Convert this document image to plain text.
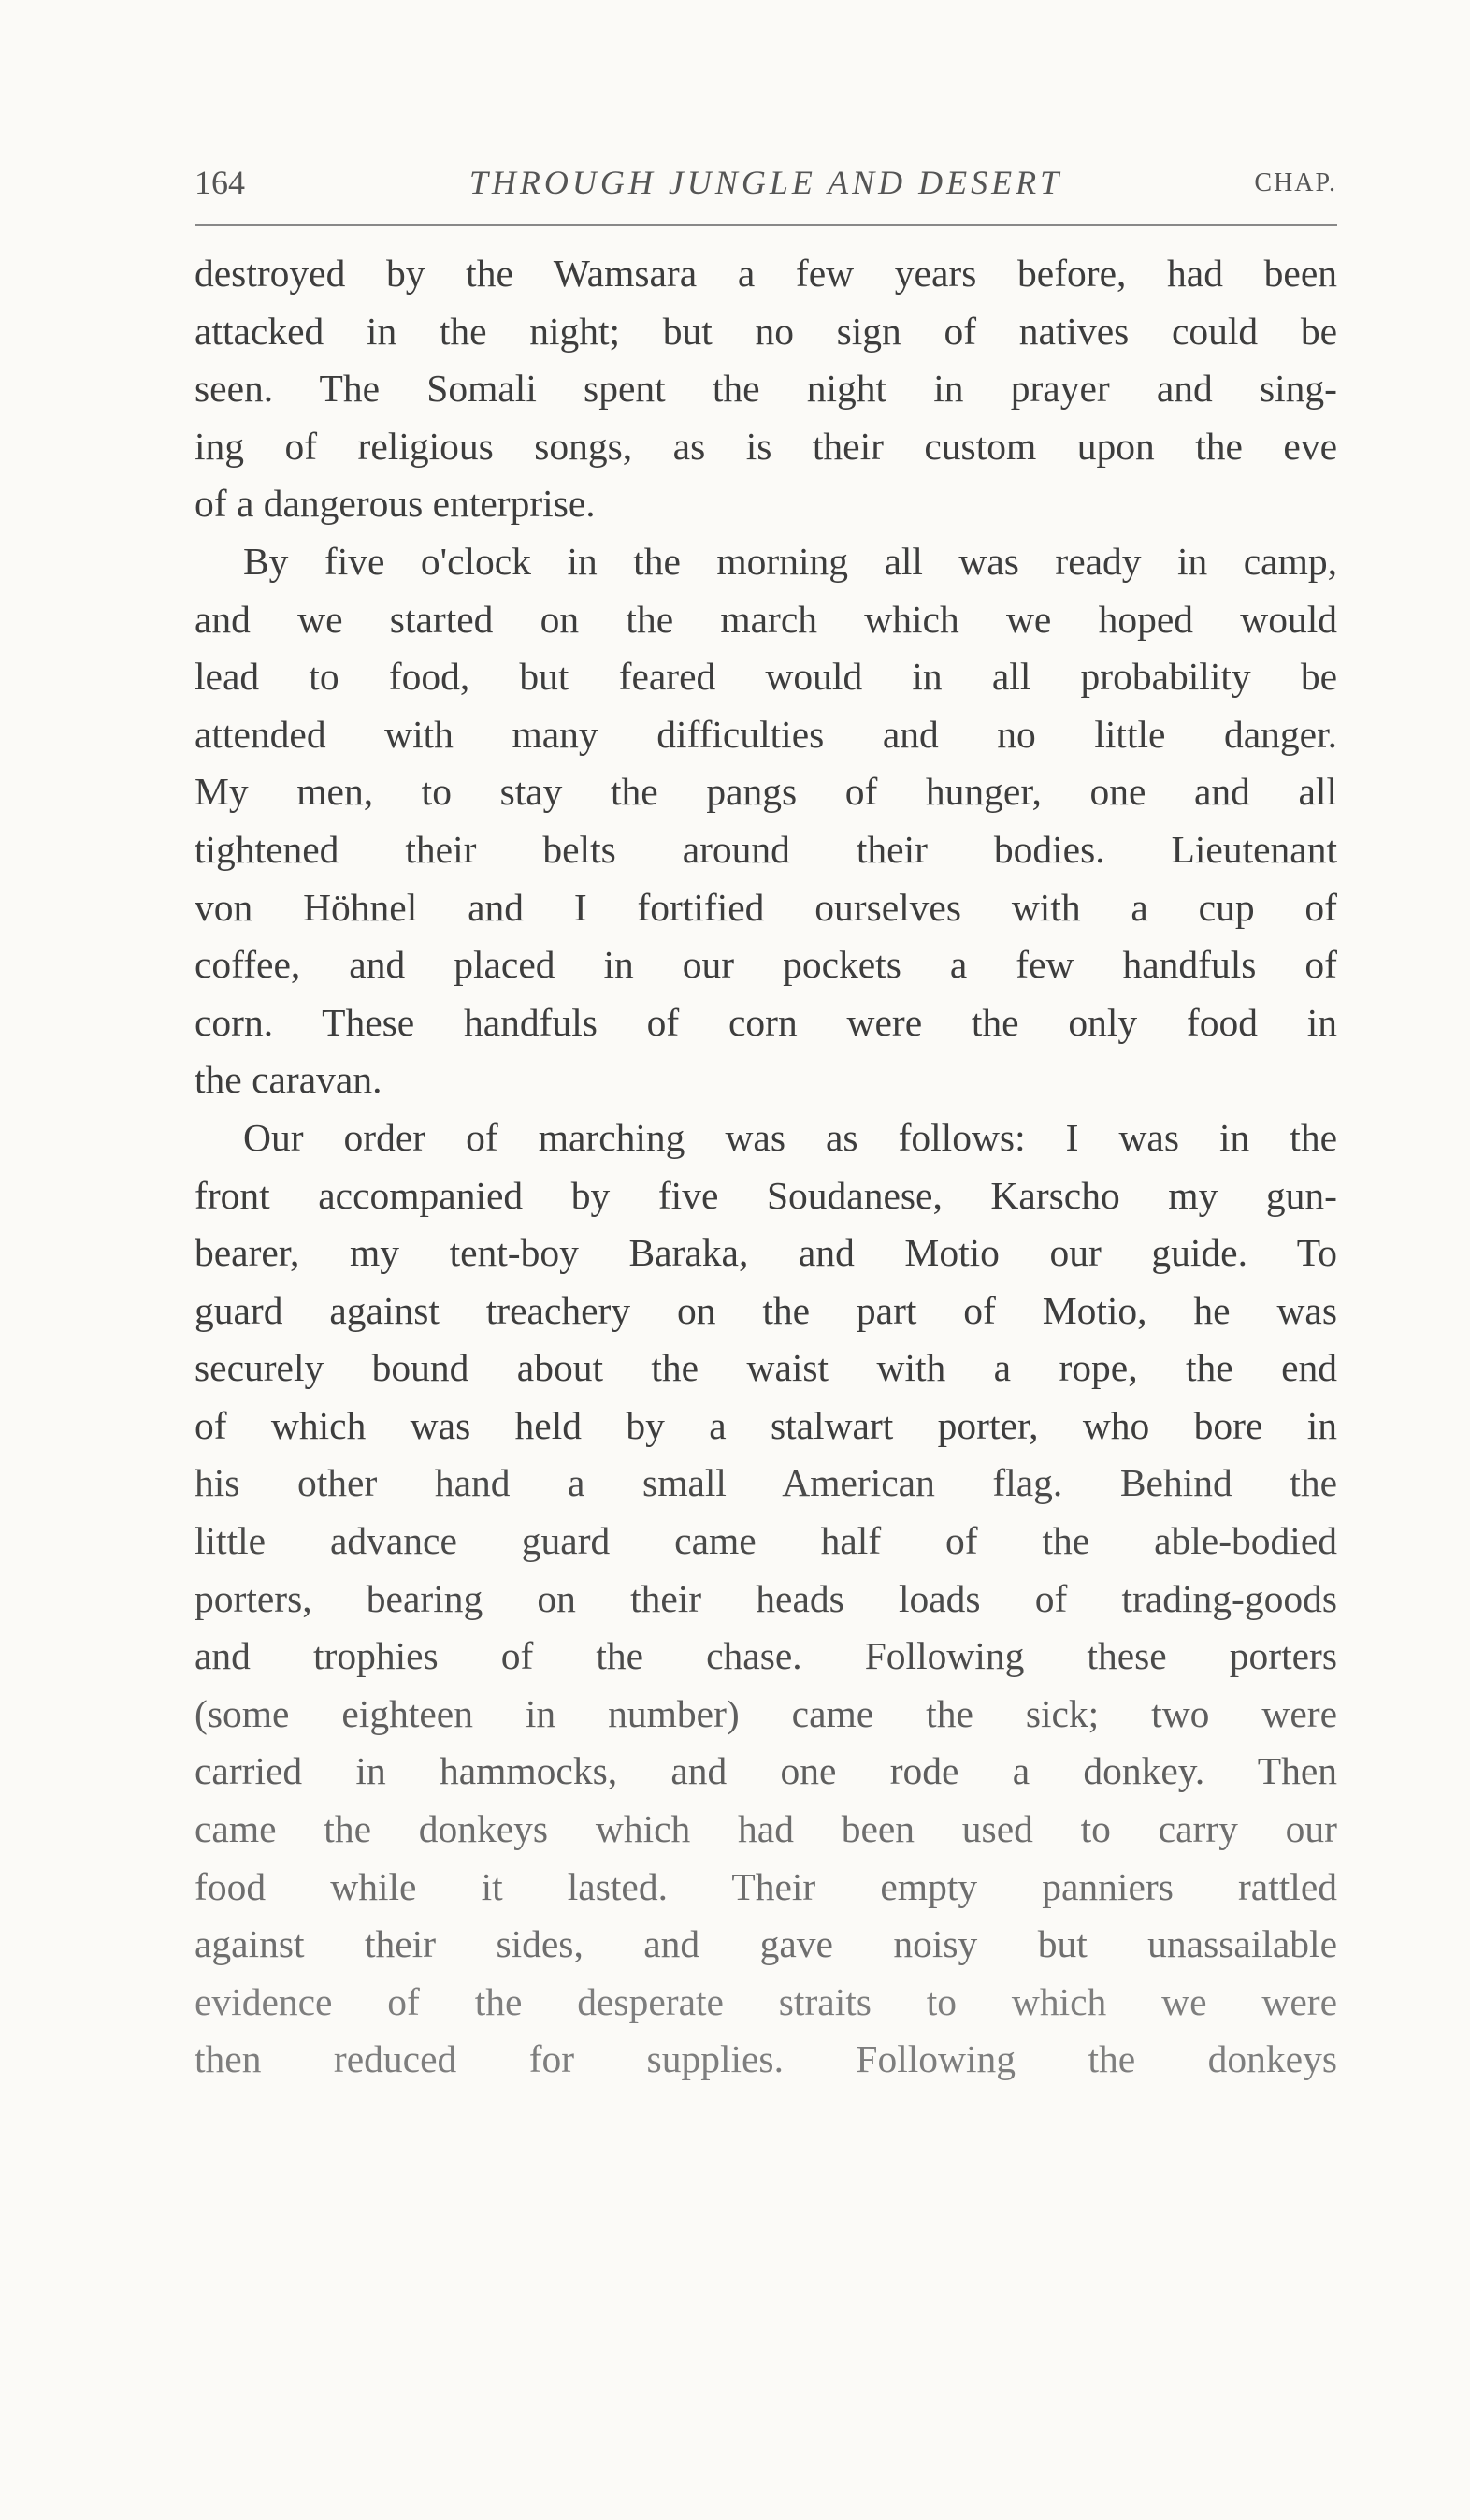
164	THROUGH JUNGLE AND DESERT	CHAP.
destroyed by the Wamsara a few years before, had been
attacked in the night; but no sign of natives could be
seen. The Somali spent the night in prayer and sing-
ing of religious songs, as is their custom upon the eve
of a dangerous enterprise.
By five o'clock in the morning all was ready in camp,
and we started on the march which we hoped would
lead to food, but feared would in all probability be
attended with many difficulties and no little danger.
My men, to stay the pangs of hunger, one and all
tightened their belts around their bodies. Lieutenant
von Höhnel and I fortified ourselves with a cup of
coffee, and placed in our pockets a few handfuls of
corn. These handfuls of corn were the only food in
the caravan.
Our order of marching was as follows: I was in the
front accompanied by five Soudanese, Karscho my gun-
bearer, my tent-boy Baraka, and Motio our guide. To
guard against treachery on the part of Motio, he was
securely bound about the waist with a rope, the end
of which was held by a stalwart porter, who bore in
his other hand a small American flag. Behind the
little advance guard came half of the able-bodied
porters, bearing on their heads loads of trading-goods
and trophies of the chase. Following these porters
(some eighteen in number) came the sick; two were
carried in hammocks, and one rode a donkey. Then
came the donkeys which had been used to carry our
food while it lasted. Their empty panniers rattled
against their sides, and gave noisy but unassailable
evidence of the desperate straits to which we were
then reduced for supplies. Following the donkeys
